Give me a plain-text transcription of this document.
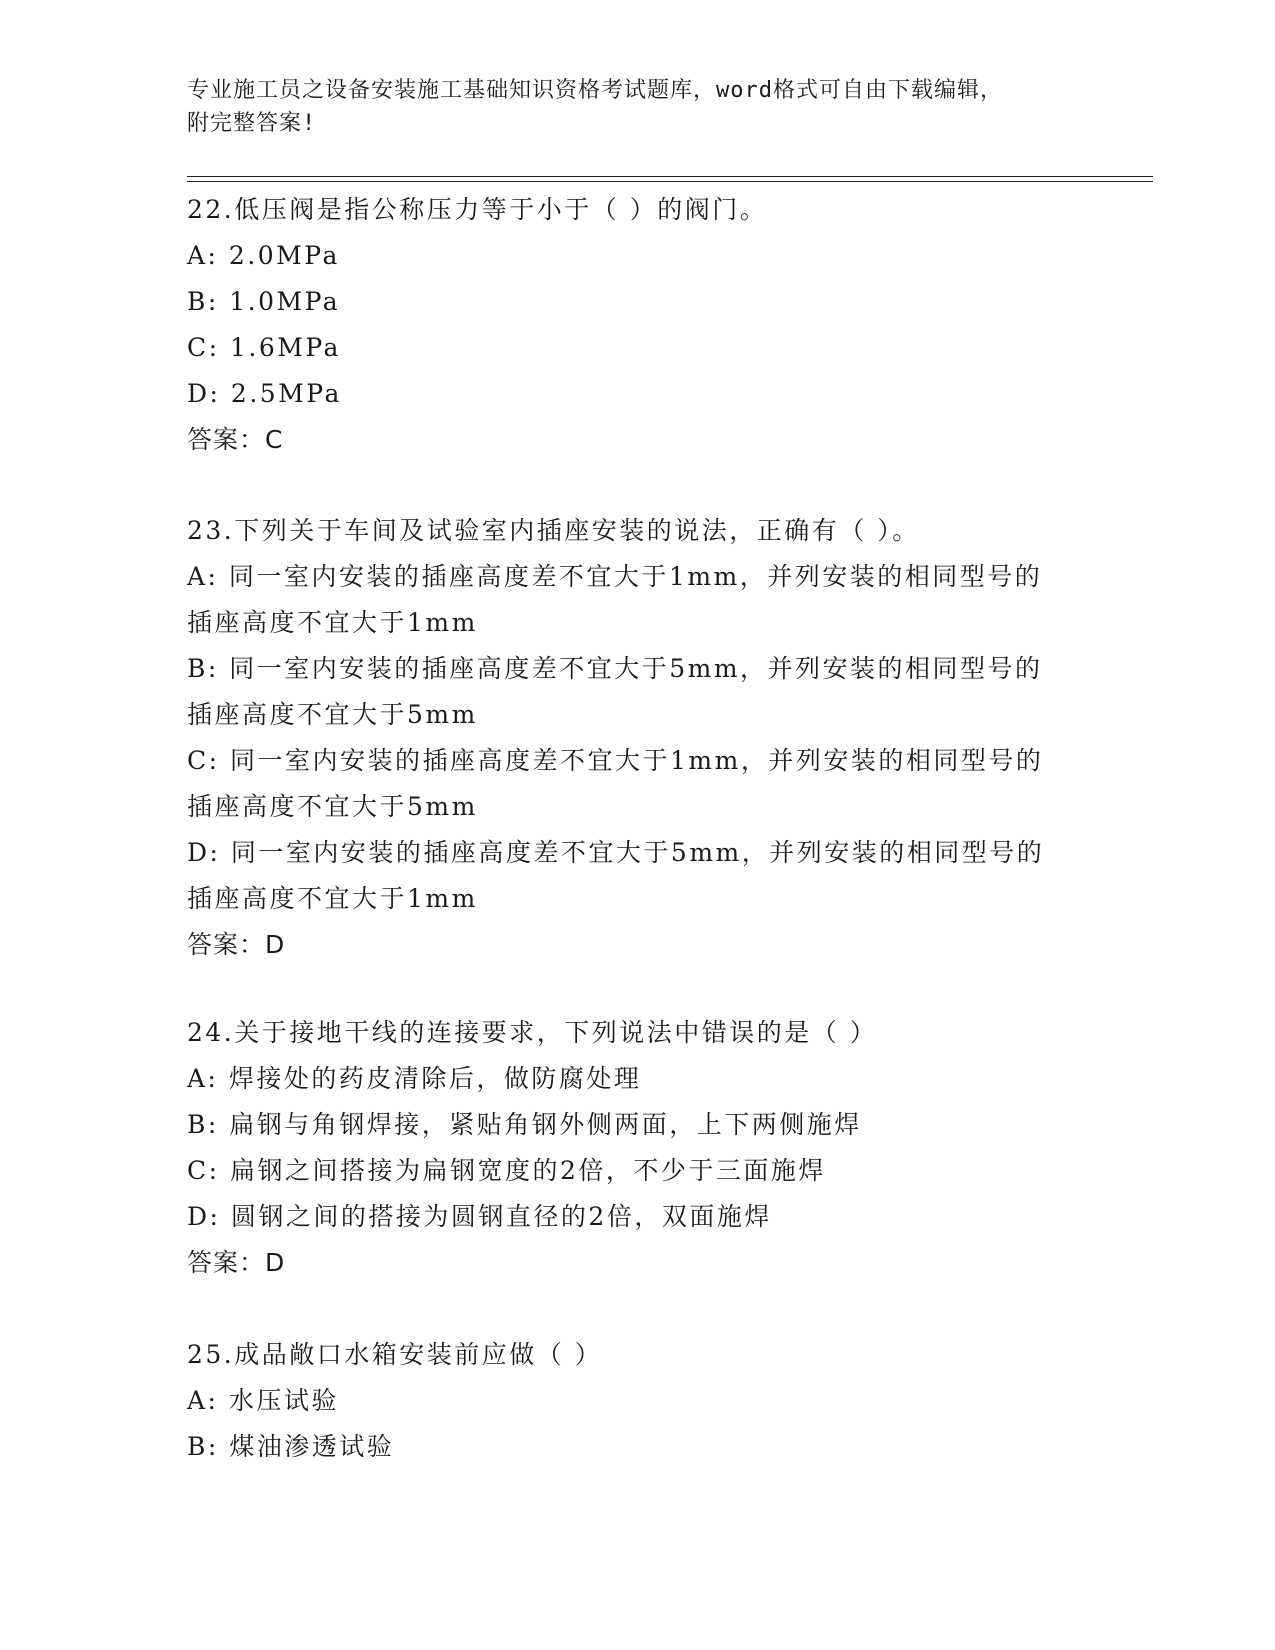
专业施工员之设备安装施工基础知识资格考试题库，word格式可自由下载编辑，
附完整答案!
22.低压阀是指公称压力等于小于（ ）的阀门。
A: 2.0MPa
B: 1.0MPa
C: 1.6MPa
D: 2.5MPa
答案：C
23.下列关于车间及试验室内插座安装的说法，正确有（ ）。
A: 同一室内安装的插座高度差不宜大于1mm，并列安装的相同型号的
插座高度不宜大于1mm
B: 同一室内安装的插座高度差不宜大于5mm，并列安装的相同型号的
插座高度不宜大于5mm
C: 同一室内安装的插座高度差不宜大于1mm，并列安装的相同型号的
插座高度不宜大于5mm
D: 同一室内安装的插座高度差不宜大于5mm，并列安装的相同型号的
插座高度不宜大于1mm
答案：D
24.关于接地干线的连接要求，下列说法中错误的是（ ）
A: 焊接处的药皮清除后，做防腐处理
B: 扁钢与角钢焊接，紧贴角钢外侧两面，上下两侧施焊
C: 扁钢之间搭接为扁钢宽度的2倍，不少于三面施焊
D: 圆钢之间的搭接为圆钢直径的2倍，双面施焊
答案：D
25.成品敞口水箱安装前应做（ ）
A: 水压试验
B: 煤油渗透试验
